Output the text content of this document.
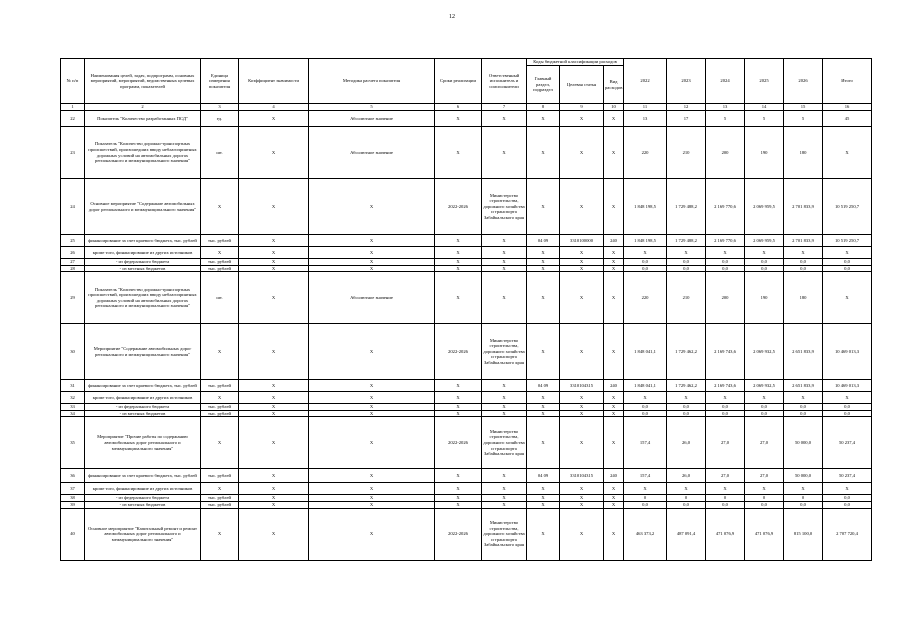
12
№ п/п	Наименования целей, задач, подпрограмм, основных мероприятий, мероприятий, ведомственных целевых программ, показателей	Единица измерения показателя	Коэффициент значимости	Методика расчета показателя	Сроки реализации	Ответственный исполнитель и соисполнители	Коды бюджетной классификации расходов			2022	2023	2024	2025	2026	Итого
							Главный раздел, подраздел	Целевая статья	Вид расходов						
1	2	3	4	5	6	7	8	9	10	11	12	13	14	15	16
22	Показатель "Количество разработанных ПСД"	ед.	X	Абсолютное значение	X	X	X	X	X	13	17	5	5	5	45
23	Показатель "Количество дорожно-транспортных происшествий, произошедших ввиду неблагоприятных дорожных условий на автомобильных дорогах регионального и межмуниципального значения"	шт.	X	Абсолютное значение	X	X	X	X	X	220	210	200	190	180	X
24	Основное мероприятие "Содержание автомобильных дорог регионального и межмуниципального значения"	X	X	X	2022-2026	Министерство строительства, дорожного хозяйства и транспорта Забайкальского края	X	X	X	1 848 198,5	1 729 488,2	2 169 770,6	2 069 959,5	2 701 833,9	10 519 250,7
25	финансирование за счет краевого бюджета, тыс. рублей	тыс. рублей	X	X	X	X	04 09	3310100000	240	1 848 198,5	1 729 488,2	2 169 770,6	2 069 959,5	2 701 833,9	10 519 250,7
26	кроме того, финансирование из других источников	X	X	X	X	X	X	X	X	X	X	X	X	X	X
27	- из федерального бюджета	тыс. рублей	X	X	X	X	X	X	X	0,0	0,0	0,0	0,0	0,0	0,0
28	- из местных бюджетов	тыс. рублей	X	X	X	X	X	X	X	0,0	0,0	0,0	0,0	0,0	0,0
29	Показатель "Количество дорожно-транспортных происшествий, произошедших ввиду неблагоприятных дорожных условий на автомобильных дорогах регионального и межмуниципального значения"	шт.	X	Абсолютное значение	X	X	X	X	X	220	210	200	190	180	X
30	Мероприятие "Содержание автомобильных дорог регионального и межмуниципального значения"	X	X	X	2022-2026	Министерство строительства, дорожного хозяйства и транспорта Забайкальского края	X	X	X	1 848 041,1	1 729 462,2	2 169 743,6	2 069 932,5	2 651 833,9	10 469 013,3
31	финансирование за счет краевого бюджета, тыс. рублей	тыс. рублей	X	X	X	X	04 09	3310104315	240	1 848 041,1	1 729 462,2	2 169 743,6	2 069 932,5	2 651 833,9	10 469 013,3
32	кроме того, финансирование из других источников	X	X	X	X	X	X	X	X	X	X	X	X	X	X
33	- из федерального бюджета	тыс. рублей	X	X	X	X	X	X	X	0,0	0,0	0,0	0,0	0,0	0,0
34	- из местных бюджетов	тыс. рублей	X	X	X	X	X	X	X	0,0	0,0	0,0	0,0	0,0	0,0
35	Мероприятие "Прочие работы по содержанию автомобильных дорог регионального и межмуниципального значения"	X	X	X	2022-2026	Министерство строительства, дорожного хозяйства и транспорта Забайкальского края	X	X	X	157,4	26,0	27,0	27,0	50 000,0	50 237,4
36	финансирование за счет краевого бюджета, тыс. рублей	тыс. рублей	X	X	X	X	04 09	3310104315	240	157,4	26,0	27,0	27,0	50 000,0	50 237,4
37	кроме того, финансирование из других источников	X	X	X	X	X	X	X	X	X	X	X	X	X	X
38	- из федерального бюджета	тыс. рублей	X	X	X	X	X	X	X	0	0	0	0	0	0,0
39	- из местных бюджетов	тыс. рублей	X	X	X	X	X	X	X	0,0	0,0	0,0	0,0	0,0	0,0
40	Основное мероприятие "Капитальный ремонт и ремонт автомобильных дорог регионального и межмуниципального значения"	X	X	X	2022-2026	Министерство строительства, дорожного хозяйства и транспорта Забайкальского края	X	X	X	463 373,2	487 091,4	471 076,9	471 076,9	815 100,0	2 707 720,4
